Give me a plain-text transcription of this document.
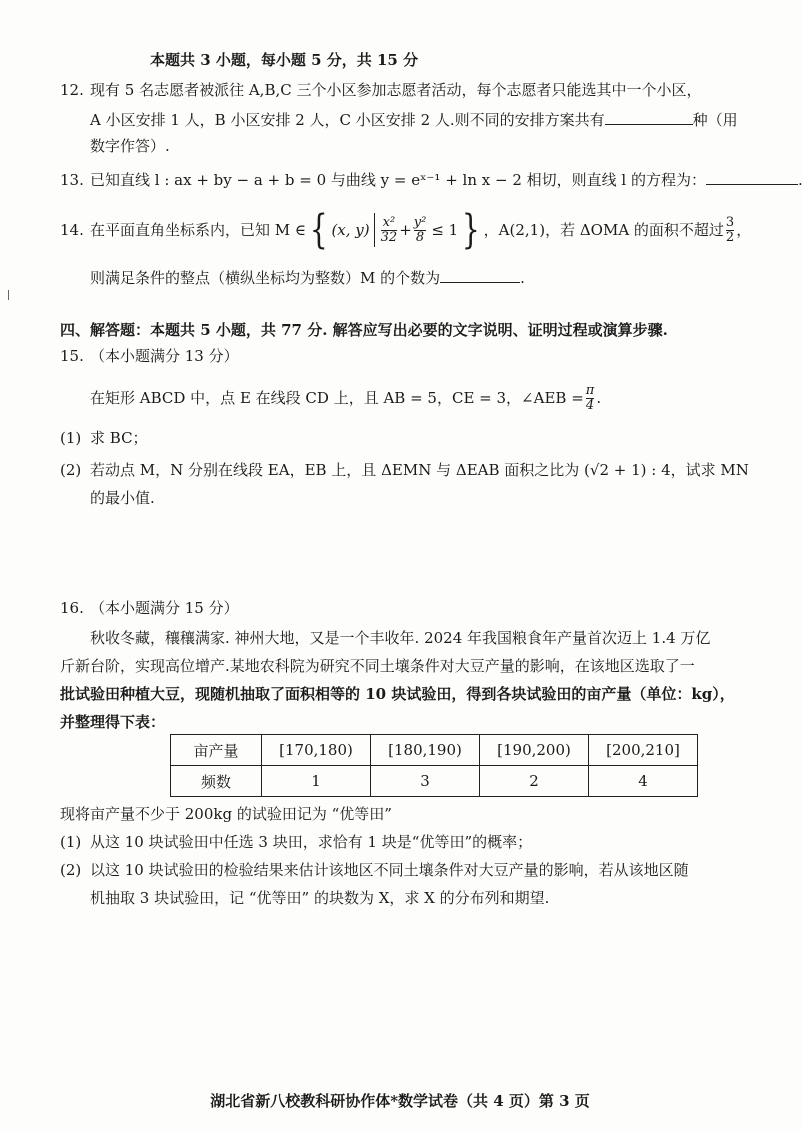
本题共 3 小题，每小题 5 分，共 15 分
12. 现有 5 名志愿者被派往 A,B,C 三个小区参加志愿者活动，每个志愿者只能选其中一个小区，
A 小区安排 1 人，B 小区安排 2 人，C 小区安排 2 人.则不同的安排方案共有	种（用
数字作答）.
13. 已知直线 l : ax + by − a + b = 0 与曲线 y = eˣ⁻¹ + ln x − 2 相切，则直线 l 的方程为：	.
14. 在平面直角坐标系内，已知 M ∈ { (x, $y) \frac{\text{x²}}{32} + \frac{\text{y²}}{8} \le 1$ } ，A(2,1)，若 ΔOMA 的面积不超过 $\frac{3}{2}$ ，
则满足条件的整点（横纵坐标均为整数）M 的个数为	.
四、解答题：本题共 5 小题，共 77 分. 解答应写出必要的文字说明、证明过程或演算步骤.
15. （本小题满分 13 分）
在矩形 ABCD 中，点 E 在线段 CD 上，且 AB = 5，CE = 3，∠AEB = $\frac{\pi}{4}$ .
(1) 求 BC；
(2) 若动点 M，N 分别在线段 EA，EB 上，且 ΔEMN 与 ΔEAB 面积之比为 (√2 + 1) : 4，试求 MN
的最小值.
16. （本小题满分 15 分）
秋收冬藏，穰穰满家. 神州大地，又是一个丰收年. 2024 年我国粮食年产量首次迈上 1.4 万亿
斤新台阶，实现高位增产.某地农科院为研究不同土壤条件对大豆产量的影响，在该地区选取了一
批试验田种植大豆，现随机抽取了面积相等的 10 块试验田，得到各块试验田的亩产量（单位：kg），
并整理得下表：
亩产量	[170,180)	[180,190)	[190,200)	[200,210]
频数	1	3	2	4
现将亩产量不少于 200kg 的试验田记为 “优等田”
(1) 从这 10 块试验田中任选 3 块田，求恰有 1 块是“优等田”的概率；
(2) 以这 10 块试验田的检验结果来估计该地区不同土壤条件对大豆产量的影响，若从该地区随
机抽取 3 块试验田，记 “优等田” 的块数为 X，求 X 的分布列和期望.
湖北省新八校教科研协作体*数学试卷（共 4 页）第 3 页
